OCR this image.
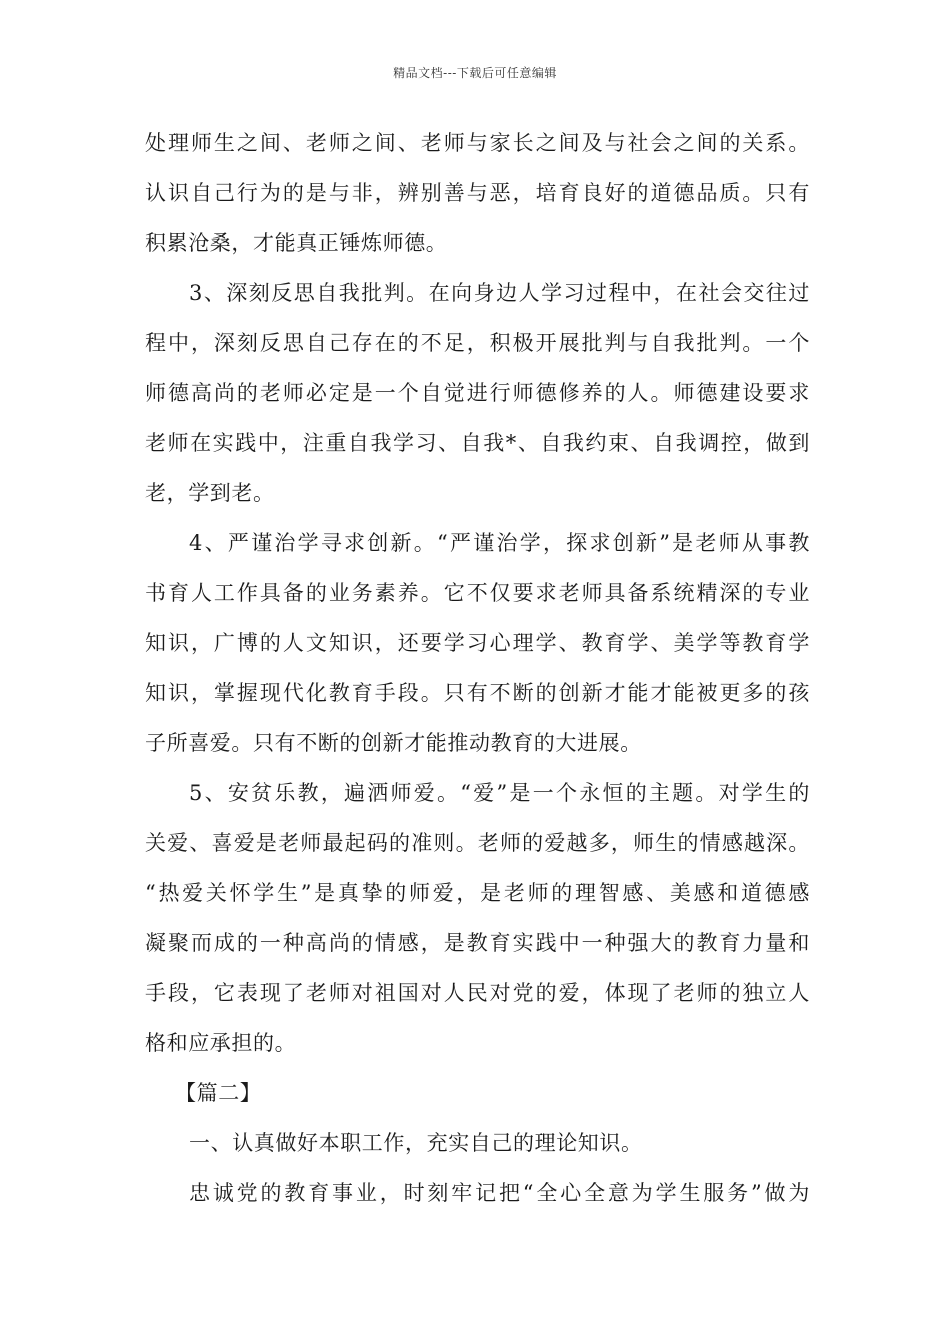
精品文档---下载后可任意编辑
处理师生之间、老师之间、老师与家长之间及与社会之间的关系。
认识自己行为的是与非，辨别善与恶，培育良好的道德品质。只有
积累沧桑，才能真正锤炼师德。
3、深刻反思自我批判。在向身边人学习过程中，在社会交往过
程中，深刻反思自己存在的不足，积极开展批判与自我批判。一个
师德高尚的老师必定是一个自觉进行师德修养的人。师德建设要求
老师在实践中，注重自我学习、自我*、自我约束、自我调控，做到
老，学到老。
4、严谨治学寻求创新。“严谨治学，探求创新”是老师从事教
书育人工作具备的业务素养。它不仅要求老师具备系统精深的专业
知识，广博的人文知识，还要学习心理学、教育学、美学等教育学
知识，掌握现代化教育手段。只有不断的创新才能才能被更多的孩
子所喜爱。只有不断的创新才能推动教育的大进展。
5、安贫乐教，遍洒师爱。“爱”是一个永恒的主题。对学生的
关爱、喜爱是老师最起码的准则。老师的爱越多，师生的情感越深。
“热爱关怀学生”是真挚的师爱，是老师的理智感、美感和道德感
凝聚而成的一种高尚的情感，是教育实践中一种强大的教育力量和
手段，它表现了老师对祖国对人民对党的爱，体现了老师的独立人
格和应承担的。
【篇二】
一、认真做好本职工作，充实自己的理论知识。
忠诚党的教育事业，时刻牢记把“全心全意为学生服务”做为
